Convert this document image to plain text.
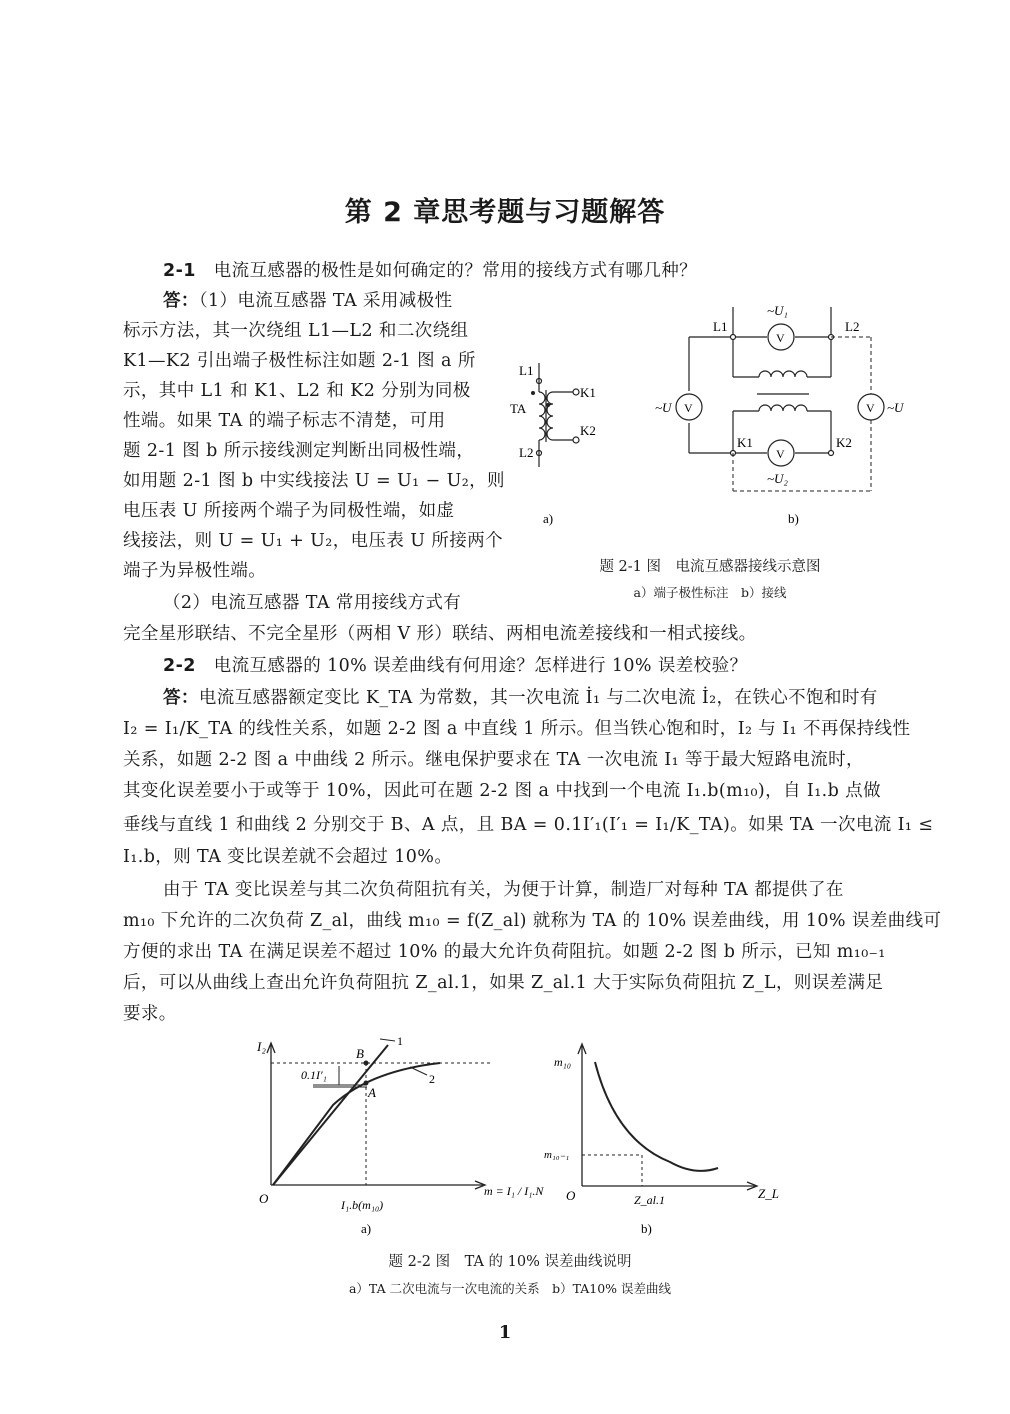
第 2 章思考题与习题解答
2-1　 电流互感器的极性是如何确定的？常用的接线方式有哪几种？
答：（1）电流互感器 TA 采用减极性
标示方法，其一次绕组 L1—L2 和二次绕组
K1—K2 引出端子极性标注如题 2-1 图 a 所
示，其中 L1 和 K1、L2 和 K2 分别为同极
性端。如果 TA 的端子标志不清楚，可用
题 2-1 图 b 所示接线测定判断出同极性端，
如用题 2-1 图 b 中实线接法 U = U₁ − U₂，则
电压表 U 所接两个端子为同极性端，如虚
线接法，则 U = U₁ + U₂，电压表 U 所接两个
端子为异极性端。
（2）电流互感器 TA 常用接线方式有
完全星形联结、不完全星形（两相 V 形）联结、两相电流差接线和一相式接线。
L1
L2
K1
K2
TA
a)
V
V
V
V
~U₁
~U₂
~U	~U
L1	L2
K1	K2
b)
题 2-1 图　电流互感器接线示意图
a）端子极性标注　b）接线
2-2　 电流互感器的 10% 误差曲线有何用途？怎样进行 10% 误差校验？
答：电流互感器额定变比 K_TA 为常数，其一次电流 İ₁ 与二次电流 İ₂，在铁心不饱和时有
I₂ = I₁/K_TA 的线性关系，如题 2-2 图 a 中直线 1 所示。但当铁心饱和时，I₂ 与 I₁ 不再保持线性
关系，如题 2-2 图 a 中曲线 2 所示。继电保护要求在 TA 一次电流 I₁ 等于最大短路电流时，
其变化误差要小于或等于 10%，因此可在题 2-2 图 a 中找到一个电流 I₁.b(m₁₀)，自 I₁.b 点做
垂线与直线 1 和曲线 2 分别交于 B、A 点，且 BA = 0.1I′₁(I′₁ = I₁/K_TA)。如果 TA 一次电流 I₁ ≤
I₁.b，则 TA 变比误差就不会超过 10%。
由于 TA 变比误差与其二次负荷阻抗有关，为便于计算，制造厂对每种 TA 都提供了在
m₁₀ 下允许的二次负荷 Z_al，曲线 m₁₀ = f(Z_al) 就称为 TA 的 10% 误差曲线，用 10% 误差曲线可
方便的求出 TA 在满足误差不超过 10% 的最大允许负荷阻抗。如题 2-2 图 b 所示，已知 m₁₀₋₁
后，可以从曲线上查出允许负荷阻抗 Z_al.1，如果 Z_al.1 大于实际负荷阻抗 Z_L，则误差满足
要求。
I₂
O	I₁.b(m₁₀)
m = I₁ / I₁.N
1
2
B
A
0.1I′₁
a)
m₁₀
O
m₁₀₋₁
Z_al.1	Z_L
b)
题 2-2 图　TA 的 10% 误差曲线说明
a）TA 二次电流与一次电流的关系　b）TA10% 误差曲线
1
